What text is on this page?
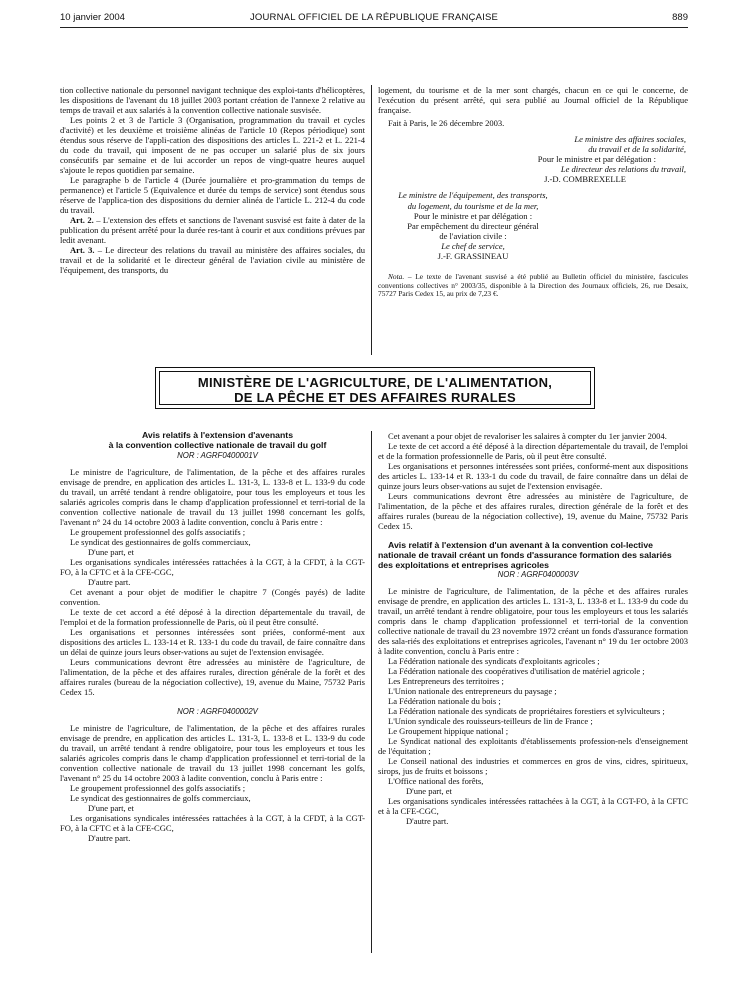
10 janvier 2004	JOURNAL OFFICIEL DE LA RÉPUBLIQUE FRANÇAISE	889

tion collective nationale du personnel navigant technique des exploi-tants d'hélicoptères, les dispositions de l'avenant du 18 juillet 2003 portant création de l'annexe 2 relative au temps de travail et aux salariés à la convention collective nationale susvisée.

Les points 2 et 3 de l'article 3 (Organisation, programmation du travail et cycles d'activité) et les deuxième et troisième alinéas de l'article 10 (Repos périodique) sont étendus sous réserve de l'appli-cation des dispositions des articles L. 221-2 et L. 221-4 du code du travail, qui imposent de ne pas occuper un salarié plus de six jours consécutifs par semaine et de lui accorder un repos de vingt-quatre heures auquel s'ajoute le repos quotidien par semaine.

Le paragraphe b de l'article 4 (Durée journalière et pro-grammation du temps de permanence) et l'article 5 (Equivalence et durée du temps de service) sont étendus sous réserve de l'applica-tion des dispositions du dernier alinéa de l'article L. 212-4 du code du travail.

Art. 2. – L'extension des effets et sanctions de l'avenant susvisé est faite à dater de la publication du présent arrêté pour la durée res-tant à courir et aux conditions prévues par ledit avenant.

Art. 3. – Le directeur des relations du travail au ministère des affaires sociales, du travail et de la solidarité et le directeur général de l'aviation civile au ministère de l'équipement, des transports, du

logement, du tourisme et de la mer sont chargés, chacun en ce qui le concerne, de l'exécution du présent arrêté, qui sera publié au Journal officiel de la République française.

Fait à Paris, le 26 décembre 2003.

Le ministre des affaires sociales,
du travail et de la solidarité,
Pour le ministre et par délégation :
Le directeur des relations du travail,
J.-D. COMBREXELLE
Le ministre de l'équipement, des transports,
du logement, du tourisme et de la mer,
Pour le ministre et par délégation :
Par empêchement du directeur général
de l'aviation civile :
Le chef de service,
J.-F. GRASSINEAU

Nota. – Le texte de l'avenant susvisé a été publié au Bulletin officiel du ministère, fascicules conventions collectives n° 2003/35, disponible à la Direction des Journaux officiels, 26, rue Desaix, 75727 Paris Cedex 15, au prix de 7,23 €.

MINISTÈRE DE L'AGRICULTURE, DE L'ALIMENTATION,
DE LA PÊCHE ET DES AFFAIRES RURALES

Avis relatifs à l'extension d'avenants

à la convention collective nationale de travail du golf

NOR : AGRF0400001V

Le ministre de l'agriculture, de l'alimentation, de la pêche et des affaires rurales envisage de prendre, en application des articles L. 131-3, L. 133-8 et L. 133-9 du code du travail, un arrêté tendant à rendre obligatoire, pour tous les employeurs et tous les salariés agricoles compris dans le champ d'application professionnel et terri-torial de la convention collective nationale de travail du 13 juillet 1998 concernant les golfs, l'avenant n° 24 du 14 octobre 2003 à ladite convention, conclu à Paris entre :

Le groupement professionnel des golfs associatifs ;

Le syndicat des gestionnaires de golfs commerciaux,

D'une part, et

Les organisations syndicales intéressées rattachées à la CGT, à la CFDT, à la CGT-FO, à la CFTC et à la CFE-CGC,

D'autre part.

Cet avenant a pour objet de modifier le chapitre 7 (Congés payés) de ladite convention.

Le texte de cet accord a été déposé à la direction départementale du travail, de l'emploi et de la formation professionnelle de Paris, où il peut être consulté.

Les organisations et personnes intéressées sont priées, conformé-ment aux dispositions des articles L. 133-14 et R. 133-1 du code du travail, de faire connaître dans un délai de quinze jours leurs obser-vations au sujet de l'extension envisagée.

Leurs communications devront être adressées au ministère de l'agriculture, de l'alimentation, de la pêche et des affaires rurales, direction générale de la forêt et des affaires rurales (bureau de la négociation collective), 19, avenue du Maine, 75732 Paris Cedex 15.

NOR : AGRF0400002V

Le ministre de l'agriculture, de l'alimentation, de la pêche et des affaires rurales envisage de prendre, en application des articles L. 131-3, L. 133-8 et L. 133-9 du code du travail, un arrêté tendant à rendre obligatoire, pour tous les employeurs et tous les salariés agricoles compris dans le champ d'application professionnel et terri-torial de la convention collective nationale de travail du 13 juillet 1998 concernant les golfs, l'avenant n° 25 du 14 octobre 2003 à ladite convention, conclu à Paris entre :

Le groupement professionnel des golfs associatifs ;

Le syndicat des gestionnaires de golfs commerciaux,

D'une part, et

Les organisations syndicales intéressées rattachées à la CGT, à la CFDT, à la CGT-FO, à la CFTC et à la CFE-CGC,

D'autre part.

Cet avenant a pour objet de revaloriser les salaires à compter du 1er janvier 2004.

Le texte de cet accord a été déposé à la direction départementale du travail, de l'emploi et de la formation professionnelle de Paris, où il peut être consulté.

Les organisations et personnes intéressées sont priées, conformé-ment aux dispositions des articles L. 133-14 et R. 133-1 du code du travail, de faire connaître dans un délai de quinze jours leurs obser-vations au sujet de l'extension envisagée.

Leurs communications devront être adressées au ministère de l'agriculture, de l'alimentation, de la pêche et des affaires rurales, direction générale de la forêt et des affaires rurales (bureau de la négociation collective), 19, avenue du Maine, 75732 Paris Cedex 15.

Avis relatif à l'extension d'un avenant à la convention col-lective nationale de travail créant un fonds d'assurance formation des salariés des exploitations et entreprises agricoles

NOR : AGRF0400003V

Le ministre de l'agriculture, de l'alimentation, de la pêche et des affaires rurales envisage de prendre, en application des articles L. 131-3, L. 133-8 et L. 133-9 du code du travail, un arrêté tendant à rendre obligatoire, pour tous les employeurs et tous les salariés compris dans le champ d'application professionnel et terri-torial de la convention collective nationale de travail du 23 novembre 1972 créant un fonds d'assurance formation des sala-riés des exploitations et entreprises agricoles, l'avenant n° 19 du 1er octobre 2003 à ladite convention, conclu à Paris entre :

La Fédération nationale des syndicats d'exploitants agricoles ;

La Fédération nationale des coopératives d'utilisation de matériel agricole ;

Les Entrepreneurs des territoires ;

L'Union nationale des entrepreneurs du paysage ;

La Fédération nationale du bois ;

La Fédération nationale des syndicats de propriétaires forestiers et sylviculteurs ;

L'Union syndicale des rouisseurs-teilleurs de lin de France ;

Le Groupement hippique national ;

Le Syndicat national des exploitants d'établissements profession-nels d'enseignement de l'équitation ;

Le Conseil national des industries et commerces en gros de vins, cidres, spiritueux, sirops, jus de fruits et boissons ;

L'Office national des forêts,

D'une part, et

Les organisations syndicales intéressées rattachées à la CGT, à la CGT-FO, à la CFTC et à la CFE-CGC,

D'autre part.
